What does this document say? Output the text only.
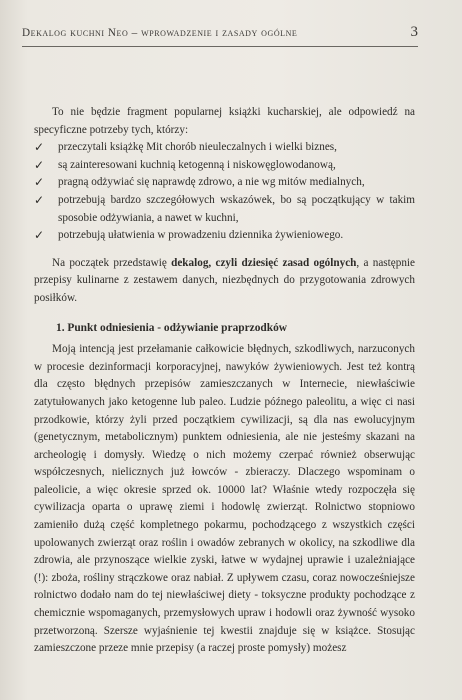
Dekalog kuchni Neo – wprowadzenie i zasady ogólne	3

To nie będzie fragment popularnej książki kucharskiej, ale odpowiedź na specyficzne potrzeby tych, którzy:

✓ przeczytali książkę Mit chorób nieuleczalnych i wielki biznes,
✓ są zainteresowani kuchnią ketogenną i niskowęglowodanową,
✓ pragną odżywiać się naprawdę zdrowo, a nie wg mitów medialnych,
✓ potrzebują bardzo szczegółowych wskazówek, bo są początkujący w takim sposobie odżywiania, a nawet w kuchni,
✓ potrzebują ułatwienia w prowadzeniu dziennika żywieniowego.

Na początek przedstawię dekalog, czyli dziesięć zasad ogólnych, a następnie przepisy kulinarne z zestawem danych, niezbędnych do przygotowania zdrowych posiłków.

1. Punkt odniesienia - odżywianie praprzodków

Moją intencją jest przełamanie całkowicie błędnych, szkodliwych, narzuconych w procesie dezinformacji korporacyjnej, nawyków żywieniowych. Jest też kontrą dla często błędnych przepisów zamieszczanych w Internecie, niewłaściwie zatytułowanych jako ketogenne lub paleo. Ludzie późnego paleolitu, a więc ci nasi przodkowie, którzy żyli przed początkiem cywilizacji, są dla nas ewolucyjnym (genetycznym, metabolicznym) punktem odniesienia, ale nie jesteśmy skazani na archeologię i domysły. Wiedzę o nich możemy czerpać również obserwując współczesnych, nielicznych już łowców - zbieraczy. Dlaczego wspominam o paleolicie, a więc okresie sprzed ok. 10000 lat? Właśnie wtedy rozpoczęła się cywilizacja oparta o uprawę ziemi i hodowlę zwierząt. Rolnictwo stopniowo zamieniło dużą część kompletnego pokarmu, pochodzącego z wszystkich części upolowanych zwierząt oraz roślin i owadów zebranych w okolicy, na szkodliwe dla zdrowia, ale przynoszące wielkie zyski, łatwe w wydajnej uprawie i uzależniające (!): zboża, rośliny strączkowe oraz nabiał. Z upływem czasu, coraz nowocześniejsze rolnictwo dodało nam do tej niewłaściwej diety - toksyczne produkty pochodzące z chemicznie wspomaganych, przemysłowych upraw i hodowli oraz żywność wysoko przetworzoną. Szersze wyjaśnienie tej kwestii znajduje się w książce. Stosując zamieszczone przeze mnie przepisy (a raczej proste pomysły) możesz
